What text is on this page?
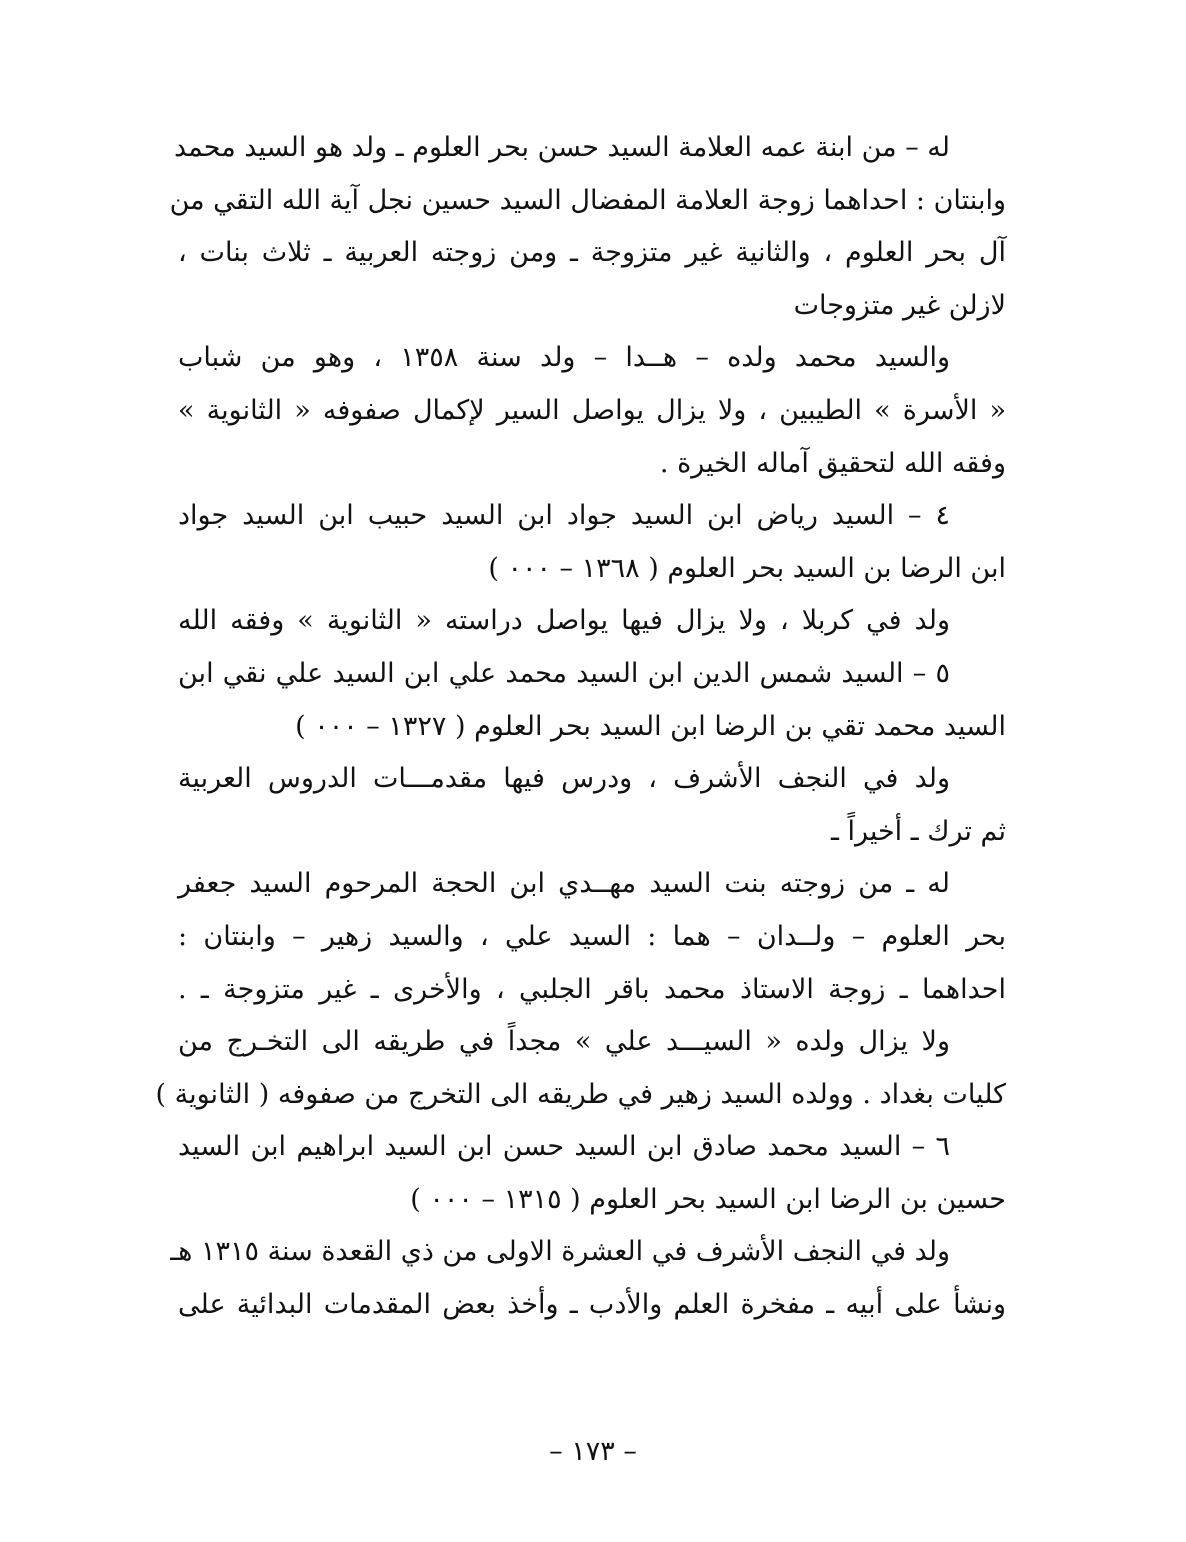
له – من ابنة عمه العلامة السيد حسن بحر العلوم ـ ولد هو السيد محمد
وابنتان : احداهما زوجة العلامة المفضال السيد حسين نجل آية الله التقي من
آل بحر العلوم ، والثانية غير متزوجة ـ ومن زوجته العربية ـ ثلاث بنات ،
لازلن غير متزوجات
والسيد محمد ولده – هــدا – ولد سنة ١٣٥٨ ، وهو من شباب
« الأسرة » الطيبين ، ولا يزال يواصل السير لإكمال صفوفه « الثانوية »
وفقه الله لتحقيق آماله الخيرة .
٤ – السيد رياض ابن السيد جواد ابن السيد حبيب ابن السيد جواد
ابن الرضا بن السيد بحر العلوم ( ١٣٦٨ – ٠٠٠ )
ولد في كربلا ، ولا يزال فيها يواصل دراسته « الثانوية » وفقه الله
٥ – السيد شمس الدين ابن السيد محمد علي ابن السيد علي نقي ابن
السيد محمد تقي بن الرضا ابن السيد بحر العلوم ( ١٣٢٧ – ٠٠٠ )
ولد في النجف الأشرف ، ودرس فيها مقدمـــات الدروس العربية
ثم ترك ـ أخيراً ـ
له ـ من زوجته بنت السيد مهــدي ابن الحجة المرحوم السيد جعفر
بحر العلوم – ولــدان – هما : السيد علي ، والسيد زهير – وابنتان :
احداهما ـ زوجة الاستاذ محمد باقر الجلبي ، والأخرى ـ غير متزوجة ـ .
ولا يزال ولده « السيـــد علي » مجداً في طريقه الى التخـرج من
كليات بغداد . وولده السيد زهير في طريقه الى التخرج من صفوفه ( الثانوية )
٦ – السيد محمد صادق ابن السيد حسن ابن السيد ابراهيم ابن السيد
حسين بن الرضا ابن السيد بحر العلوم ( ١٣١٥ – ٠٠٠ )
ولد في النجف الأشرف في العشرة الاولى من ذي القعدة سنة ١٣١٥ هـ
ونشأ على أبيه ـ مفخرة العلم والأدب ـ وأخذ بعض المقدمات البدائية على
– ١٧٣ –
